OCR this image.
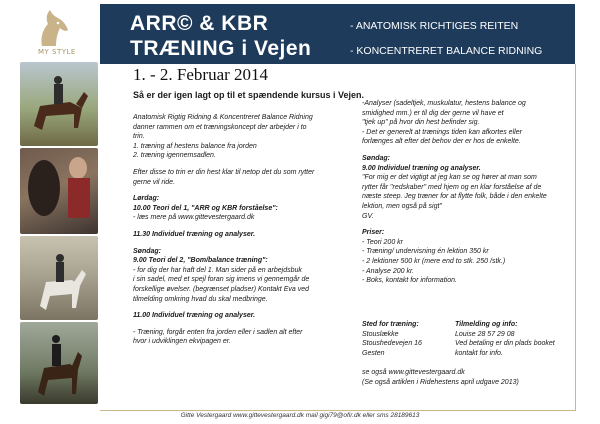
MY STYLE
ARR© & KBR
TRÆNING i Vejen
- ANATOMISK RICHTIGES REITEN
- KONCENTRERET BALANCE RIDNING
1. - 2. Februar 2014
Så er der igen lagt op til et spændende kursus i Vejen.
Anatomisk Rigtig Ridning & Koncentreret Balance Ridning
danner rammen om et træningskoncept der arbejder i to
trin.
1. træning af hestens balance fra jorden
2. træning igennemsadlen.
Efter disse to trin er din hest klar til netop det du som rytter
gerne vil ride.
Lørdag:
10.00 Teori del 1, "ARR og KBR forståelse":
- læs mere på www.gittevestergaard.dk
11.30 Individuel træning og analyser.
Søndag:
9.00 Teori del 2, "Bom/balance træning":
- for dig der har haft del 1. Man sider på en arbejdsbuk
i sin sadel, med et spejl foran sig imens vi gennemgår de
forskellige øvelser. (begrænset pladser) Kontakt Eva ved
tilmelding omkring hvad du skal medbringe.
11.00 Individuel træning og analyser.
- Træning, forgår enten fra jorden eller i sadlen alt efter
hvor i udviklingen ekvipagen er.
-Analyser (sadeltjek, muskulatur, hestens balance og
smidighed mm.) er til dig der gerne vil have et
"tjek up" på hvor din hest befinder sig.
- Det er generelt at trænings tiden kan afkortes eller
forlænges alt efter det behov der er hos de enkelte.
Søndag:
9.00 Individuel træning og analyser.
"For mig er det vigtigt at jeg kan se og hører at man som
rytter får "redskaber" med hjem og en klar forståelse af de
næste steep. Jeg træner for at flytte folk, både i den enkelte
lektion, men også på sigt"
GV.
Priser:
- Teori 200 kr
- Træning/ undervisning én lektion 350 kr
- 2 lektioner 500 kr (mere end to stk. 250 /stk.)
- Analyse 200 kr.
- Boks, kontakt for information.
Sted for træning:
Stouslække
Stoushedevejen 16
Gesten
Tilmelding og info:
Louise 28 57 29 08
Ved betaling er din plads booket
kontakt for info.
se også www.gittevestergaard.dk
(Se også artiklen i Ridehestens april udgave 2013)
Gitte Vestergaard www.gittevestergaard.dk mail gigi79@ofir.dk eller sms 28189613
